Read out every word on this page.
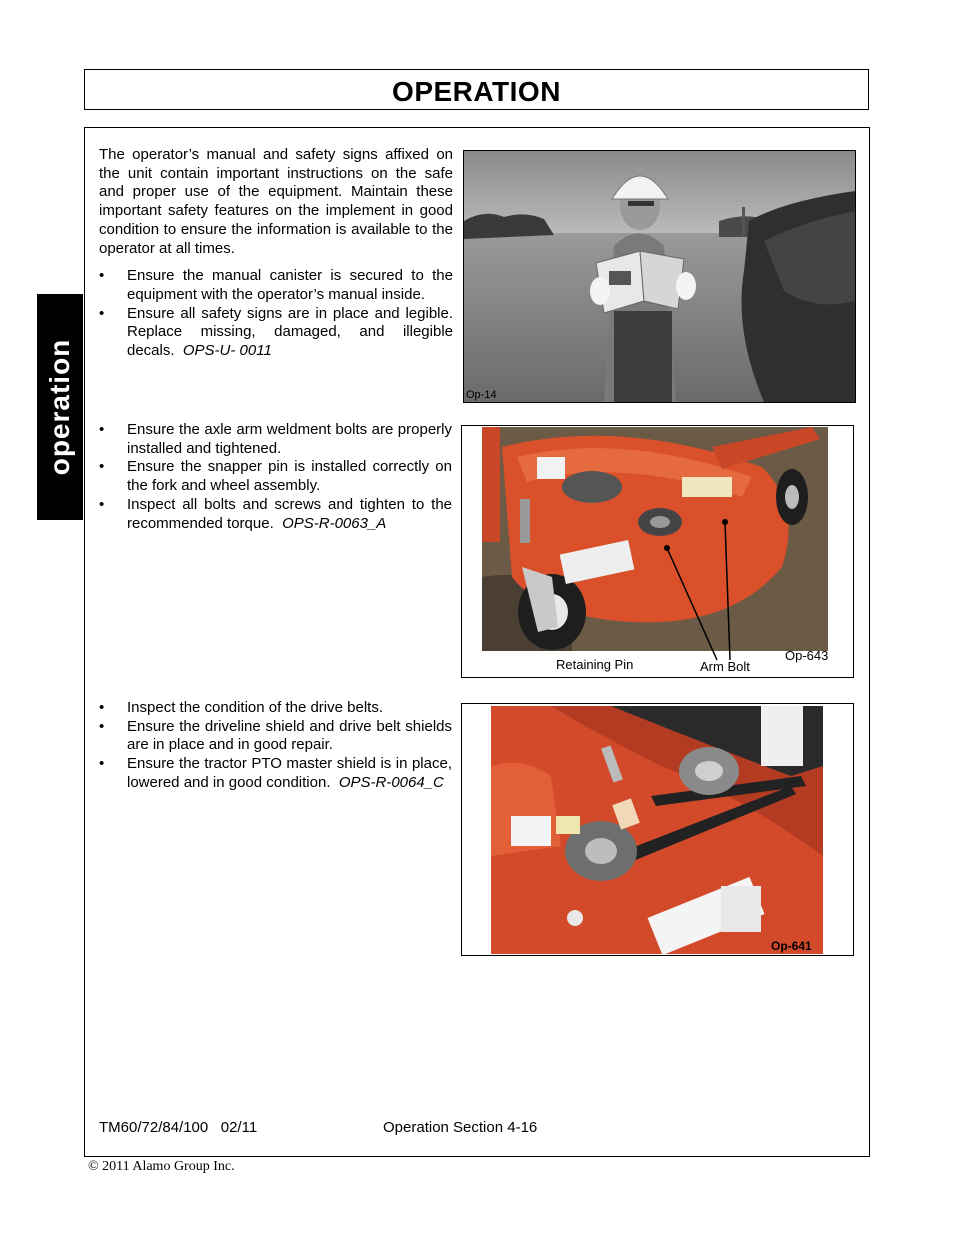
OPERATION
operation
The operator’s manual and safety signs affixed on the unit contain important instructions on the safe and proper use of the equipment. Maintain these important safety features on the implement in good condition to ensure the information is available to the operator at all times.
• Ensure the manual canister is secured to the equipment with the operator’s manual inside.
• Ensure all safety signs are in place and legible. Replace missing, damaged, and illegible decals. OPS-U- 0011
Op-14
• Ensure the axle arm weldment bolts are properly installed and tightened.
• Ensure the snapper pin is installed correctly on the fork and wheel assembly.
• Inspect all bolts and screws and tighten to the recommended torque. OPS-R-0063_A
Retaining Pin	Arm Bolt
Op-643
• Inspect the condition of the drive belts.
• Ensure the driveline shield and drive belt shields are in place and in good repair.
• Ensure the tractor PTO master shield is in place, lowered and in good condition. OPS-R-0064_C
Op-641
TM60/72/84/100   02/11	Operation Section 4-16
© 2011 Alamo Group Inc.
